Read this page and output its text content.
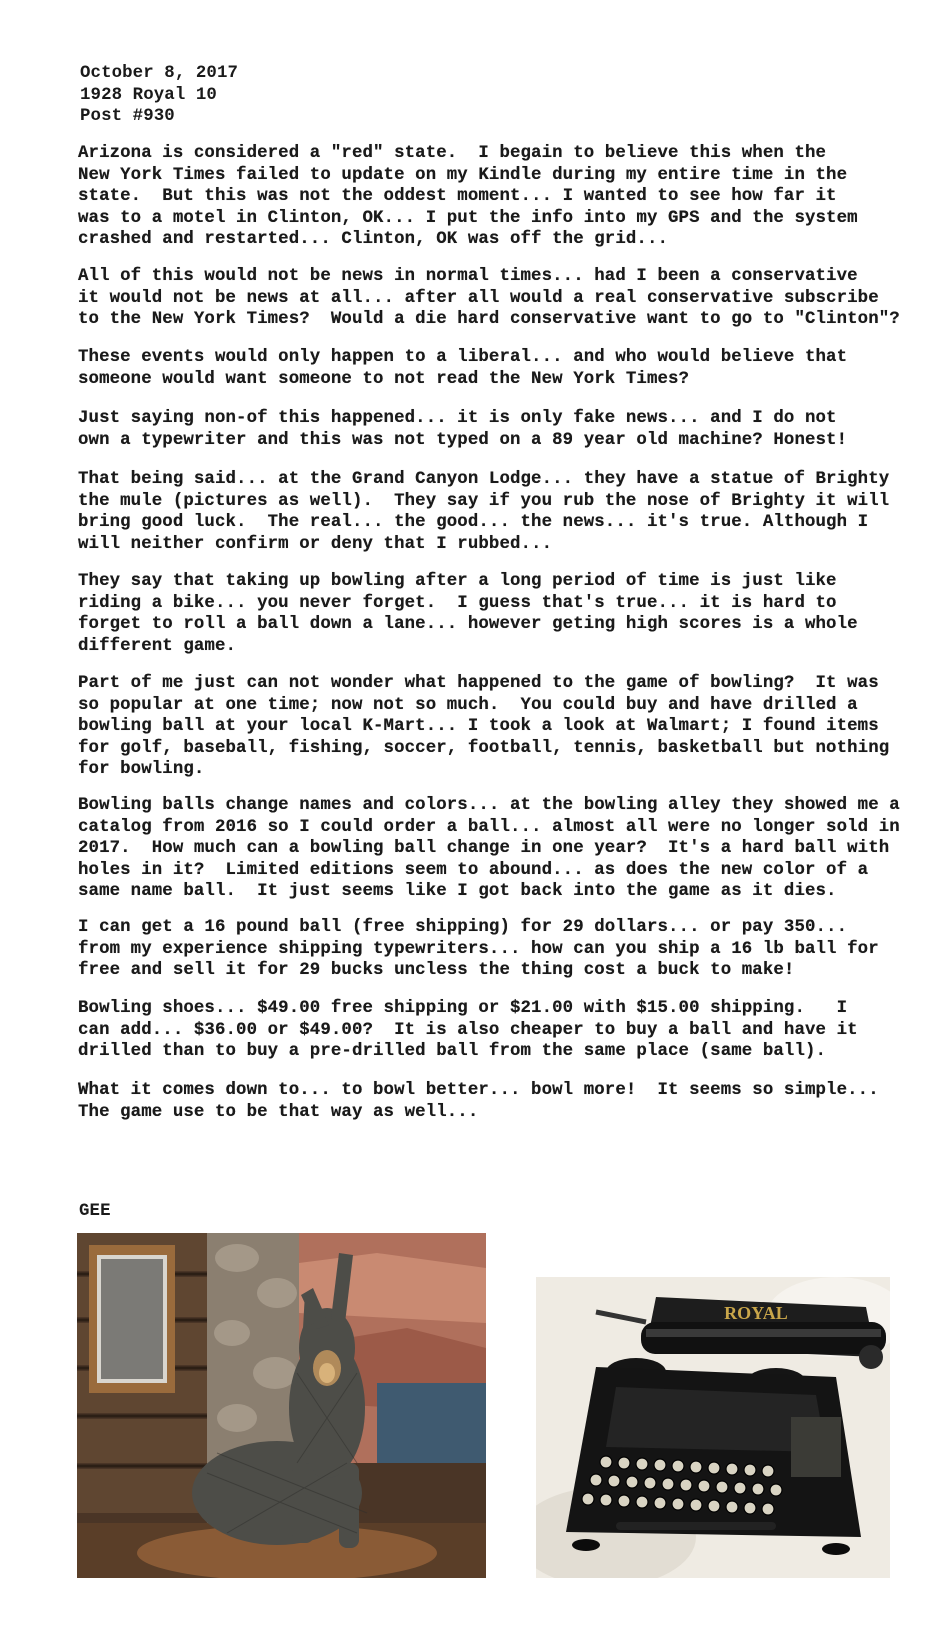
October 8, 2017
1928 Royal 10
Post #930

Arizona is considered a "red" state.  I begain to believe this when the
New York Times failed to update on my Kindle during my entire time in the
state.  But this was not the oddest moment... I wanted to see how far it
was to a motel in Clinton, OK... I put the info into my GPS and the system
crashed and restarted... Clinton, OK was off the grid...

All of this would not be news in normal times... had I been a conservative
it would not be news at all... after all would a real conservative subscribe
to the New York Times?  Would a die hard conservative want to go to "Clinton"?

These events would only happen to a liberal... and who would believe that
someone would want someone to not read the New York Times?

Just saying non-of this happened... it is only fake news... and I do not
own a typewriter and this was not typed on a 89 year old machine? Honest!

That being said... at the Grand Canyon Lodge... they have a statue of Brighty
the mule (pictures as well).  They say if you rub the nose of Brighty it will
bring good luck.  The real... the good... the news... it's true. Although I
will neither confirm or deny that I rubbed...

They say that taking up bowling after a long period of time is just like
riding a bike... you never forget.  I guess that's true... it is hard to
forget to roll a ball down a lane... however geting high scores is a whole
different game.

Part of me just can not wonder what happened to the game of bowling?  It was
so popular at one time; now not so much.  You could buy and have drilled a
bowling ball at your local K-Mart... I took a look at Walmart; I found items
for golf, baseball, fishing, soccer, football, tennis, basketball but nothing
for bowling.

Bowling balls change names and colors... at the bowling alley they showed me a
catalog from 2016 so I could order a ball... almost all were no longer sold in
2017.  How much can a bowling ball change in one year?  It's a hard ball with
holes in it?  Limited editions seem to abound... as does the new color of a
same name ball.  It just seems like I got back into the game as it dies.

I can get a 16 pound ball (free shipping) for 29 dollars... or pay 350...
from my experience shipping typewriters... how can you ship a 16 lb ball for
free and sell it for 29 bucks uncless the thing cost a buck to make!

Bowling shoes... $49.00 free shipping or $21.00 with $15.00 shipping.   I
can add... $36.00 or $49.00?  It is also cheaper to buy a ball and have it
drilled than to buy a pre-drilled ball from the same place (same ball).

What it comes down to... to bowl better... bowl more!  It seems so simple...
The game use to be that way as well...

GEE
ROYAL
